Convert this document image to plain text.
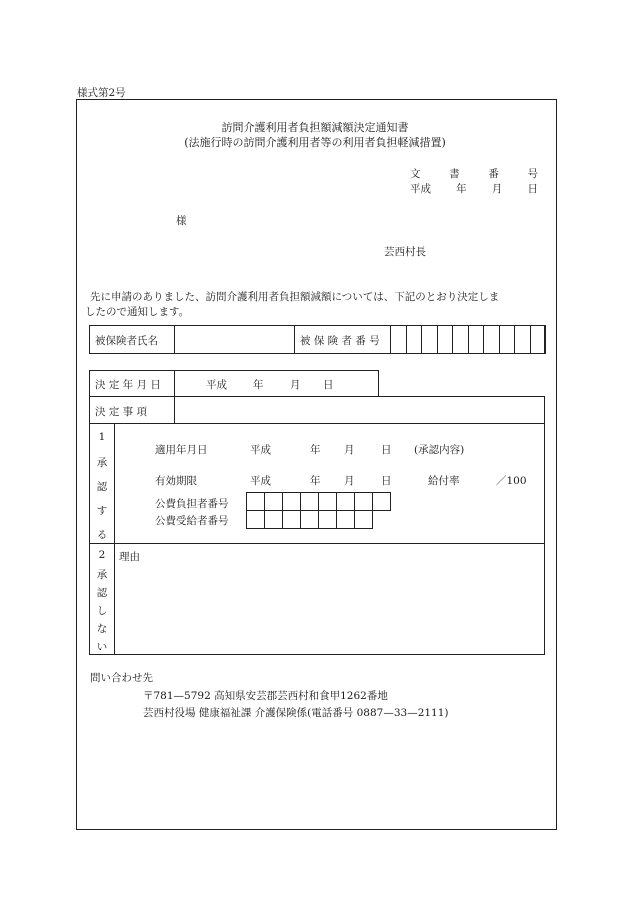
様式第2号
訪問介護利用者負担額減額決定通知書
(法施行時の訪問介護利用者等の利用者負担軽減措置)
文	書	番	号
平成 年 月 日
様
芸西村長
先に申請のありました、訪問介護利用者負担額減額については、下記のとおり決定しま
したので通知します。
被保険者氏名	被 保 険 者 番 号
決 定 年 月 日	平成 年	月 日
決 定 事 項
1
承
認
す
る
適用年月日	平成	年 月	日 (承認内容)
有効期限	平成	年 月	日	給付率	／100
公費負担者番号
公費受給者番号
2
承
認
し
な
い
理由
問い合わせ先
〒781—5792 高知県安芸郡芸西村和食甲1262番地
芸西村役場 健康福祉課 介護保険係(電話番号 0887—33—2111)
